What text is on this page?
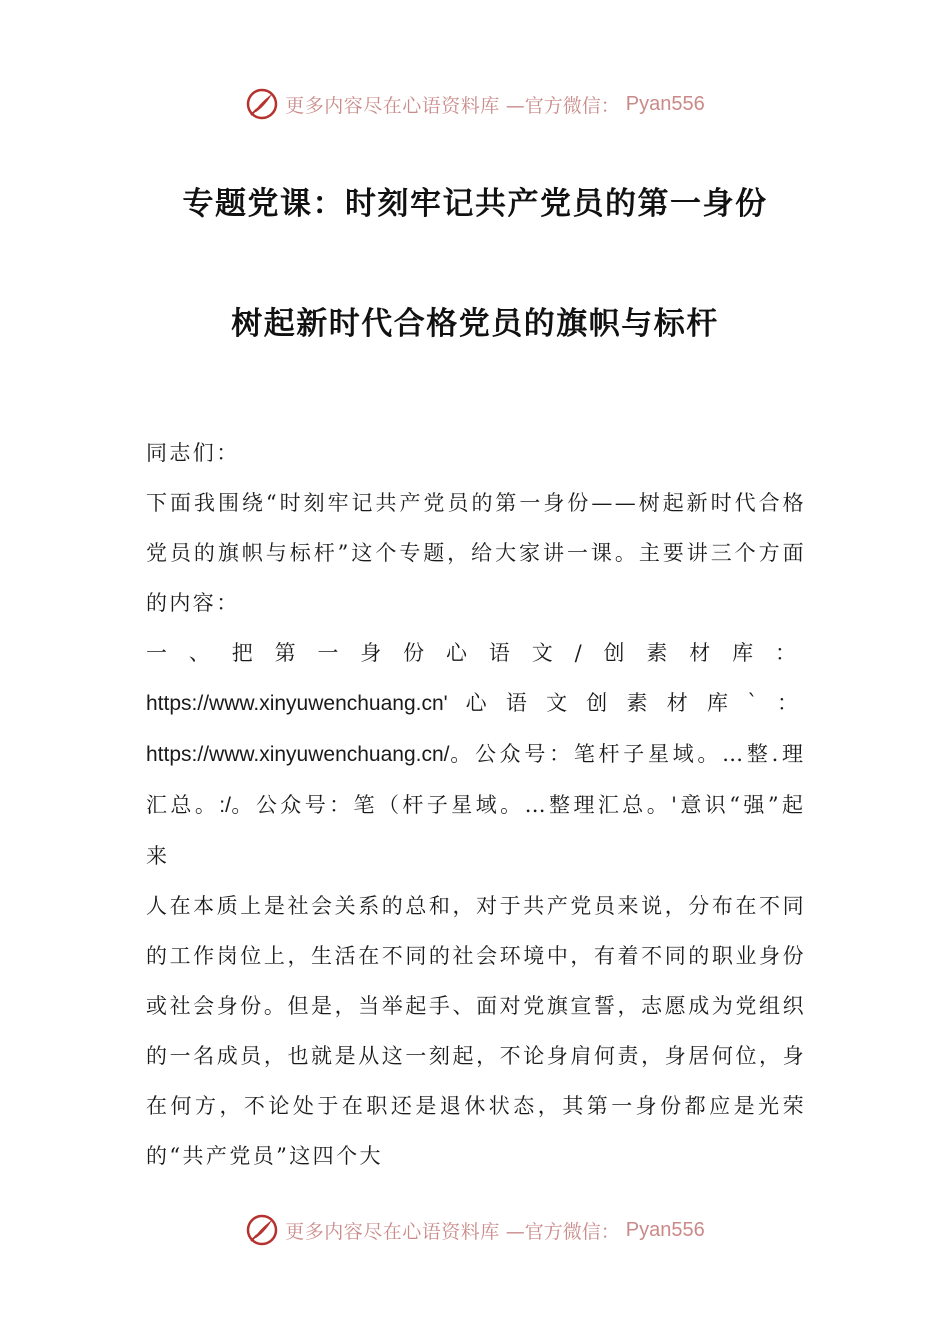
更多内容尽在心语资料库 —官方微信： Pyan556
专题党课：时刻牢记共产党员的第一身份
树起新时代合格党员的旗帜与标杆

同志们：

下面我围绕“时刻牢记共产党员的第一身份——树起新时代合格党员的旗帜与标杆”这个专题，给大家讲一课。主要讲三个方面的内容：

一、把第一身份心语文/创素材库： https://www.xinyuwenchuang.cn' 心语文创素材库`： https://www.xinyuwenchuang.cn/。公众号：笔杆子星域。…整.理汇总。:/。公众号：笔（杆子星域。…整理汇总。'意识“强”起来

人在本质上是社会关系的总和，对于共产党员来说，分布在不同的工作岗位上，生活在不同的社会环境中，有着不同的职业身份或社会身份。但是，当举起手、面对党旗宣誓，志愿成为党组织的一名成员，也就是从这一刻起，不论身肩何责，身居何位，身在何方，不论处于在职还是退休状态，其第一身份都应是光荣的“共产党员”这四个大

更多内容尽在心语资料库 —官方微信： Pyan556
